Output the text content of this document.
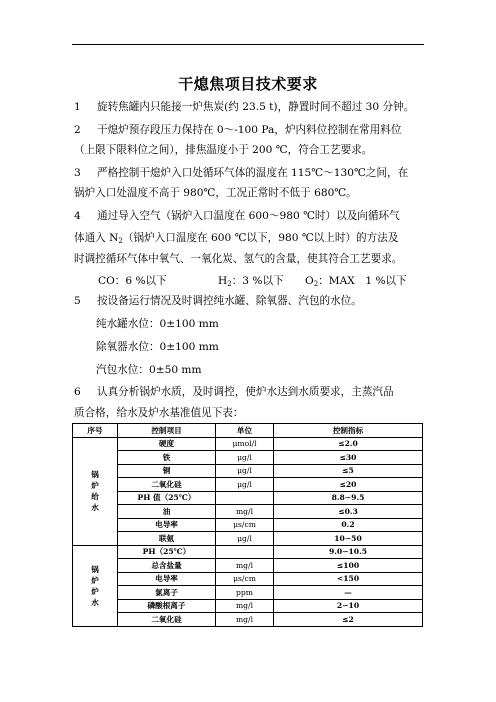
干熄焦项目技术要求
1 旋转焦罐内只能接一炉焦炭(约 23.5 t)，静置时间不超过 30 分钟。
2 干熄炉预存段压力保持在 0～-100 Pa，炉内料位控制在常用料位
（上限下限料位之间），排焦温度小于 200 ℃，符合工艺要求。
3 严格控制干熄炉入口处循环气体的温度在 115℃～130℃之间，在
锅炉入口处温度不高于 980℃，工况正常时不低于 680℃。
4 通过导入空气（锅炉入口温度在 600～980 ℃时）以及向循环气
体通入 $N_2$（锅炉入口温度在 600 ℃以下，980 ℃以上时）的方法及
时调控循环气体中氧气、一氧化炭、氢气的含量，使其符合工艺要求。
CO：6 %以下	$H_2$：3 %以下 $O_2$：MAX　1 %以下
5 按设备运行情况及时调控纯水罐、除氧器、汽包的水位。
纯水罐水位：0±100 mm
除氧器水位：0±100 mm
汽包水位：0±50 mm
6 认真分析锅炉水质，及时调控，使炉水达到水质要求，主蒸汽品
质合格，给水及炉水基准值见下表：
序号	控制项目	单位	控制指标
锅
炉
给
水	硬度	μmol/l	≤2.0
	铁	μg/l	≤30
	铜	μg/l	≤5
	二氧化硅	μg/l	≤20
	PH 值（25℃）		8.8∽9.5
	油	mg/l	≤0.3
	电导率	μs/cm	0.2
	联氨	μg/l	10∽50
锅
炉
炉
水	PH（25℃）		9.0∽10.5
	总含盐量	mg/l	≤100
	电导率	μs/cm	<150
	氯离子	ppm	—
	磷酸根离子	mg/l	2∽10
	二氧化硅	mg/l	≤2
